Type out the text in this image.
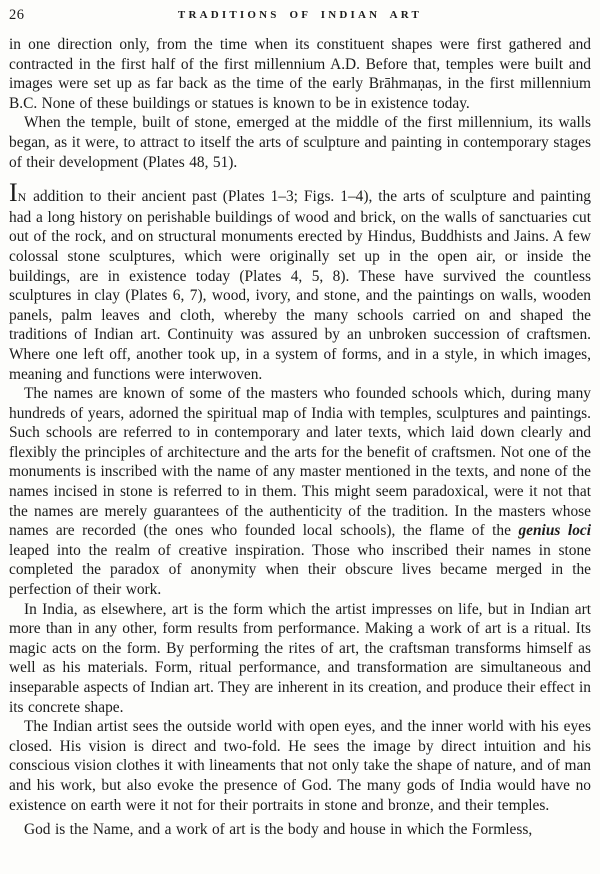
26	TRADITIONS OF INDIAN ART

in one direction only, from the time when its constituent shapes were first gathered and contracted in the first half of the first millennium A.D. Before that, temples were built and images were set up as far back as the time of the early Brāhmaṇas, in the first millennium B.C. None of these buildings or statues is known to be in existence today.

When the temple, built of stone, emerged at the middle of the first millennium, its walls began, as it were, to attract to itself the arts of sculpture and painting in contemporary stages of their development (Plates 48, 51).

IN addition to their ancient past (Plates 1–3; Figs. 1–4), the arts of sculpture and painting had a long history on perishable buildings of wood and brick, on the walls of sanctuaries cut out of the rock, and on structural monuments erected by Hindus, Buddhists and Jains. A few colossal stone sculptures, which were originally set up in the open air, or inside the buildings, are in existence today (Plates 4, 5, 8). These have survived the countless sculptures in clay (Plates 6, 7), wood, ivory, and stone, and the paintings on walls, wooden panels, palm leaves and cloth, whereby the many schools carried on and shaped the traditions of Indian art. Continuity was assured by an unbroken succession of craftsmen. Where one left off, another took up, in a system of forms, and in a style, in which images, meaning and functions were interwoven.

The names are known of some of the masters who founded schools which, during many hundreds of years, adorned the spiritual map of India with temples, sculptures and paintings. Such schools are referred to in contemporary and later texts, which laid down clearly and flexibly the principles of architecture and the arts for the benefit of craftsmen. Not one of the monuments is inscribed with the name of any master mentioned in the texts, and none of the names incised in stone is referred to in them. This might seem paradoxical, were it not that the names are merely guarantees of the authenticity of the tradition. In the masters whose names are recorded (the ones who founded local schools), the flame of the genius loci leaped into the realm of creative inspiration. Those who inscribed their names in stone completed the paradox of anonymity when their obscure lives became merged in the perfection of their work.

In India, as elsewhere, art is the form which the artist impresses on life, but in Indian art more than in any other, form results from performance. Making a work of art is a ritual. Its magic acts on the form. By performing the rites of art, the craftsman transforms himself as well as his materials. Form, ritual performance, and transformation are simultaneous and inseparable aspects of Indian art. They are inherent in its creation, and produce their effect in its concrete shape.

The Indian artist sees the outside world with open eyes, and the inner world with his eyes closed. His vision is direct and two-fold. He sees the image by direct intuition and his conscious vision clothes it with lineaments that not only take the shape of nature, and of man and his work, but also evoke the presence of God. The many gods of India would have no existence on earth were it not for their portraits in stone and bronze, and their temples.

God is the Name, and a work of art is the body and house in which the Formless,
